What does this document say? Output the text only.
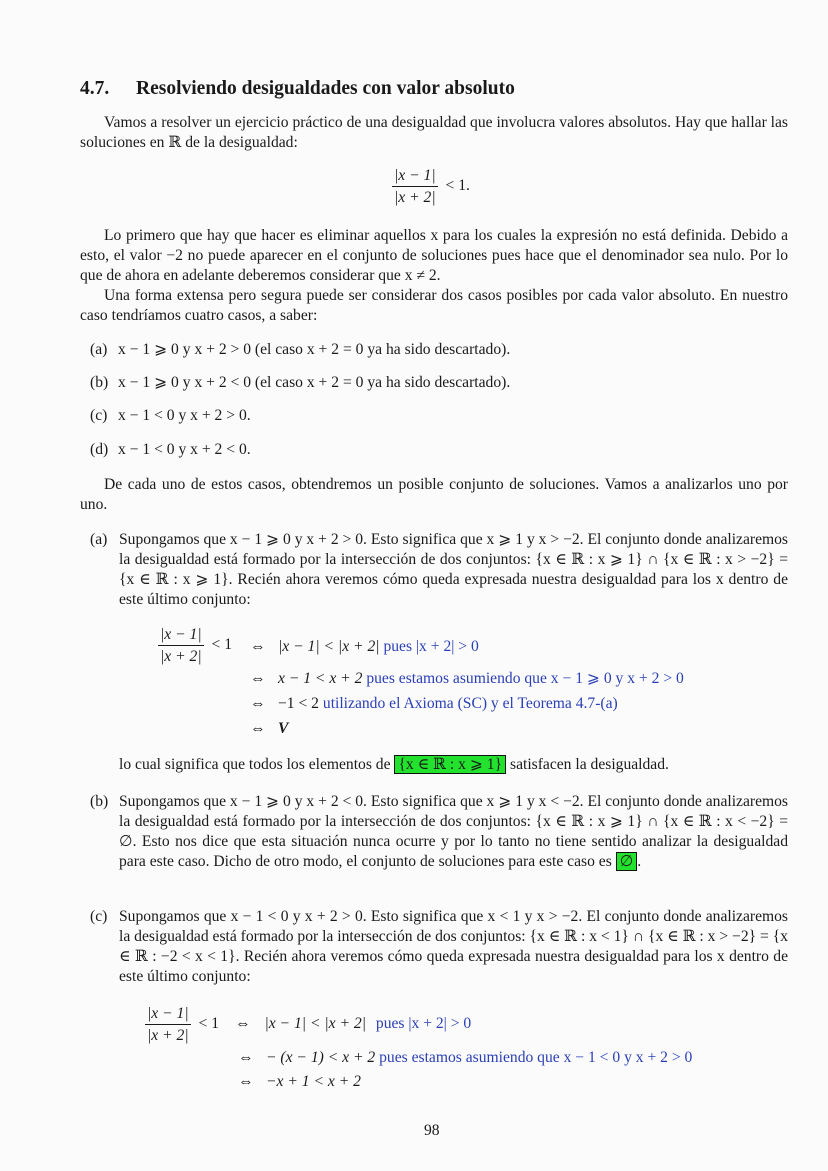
4.7. Resolviendo desigualdades con valor absoluto
Vamos a resolver un ejercicio práctico de una desigualdad que involucra valores absolutos. Hay que hallar las soluciones en ℝ de la desigualdad:
$\frac{|x - 1|}{|x + 2|} < 1$.
Lo primero que hay que hacer es eliminar aquellos x para los cuales la expresión no está definida. Debido a esto, el valor −2 no puede aparecer en el conjunto de soluciones pues hace que el denominador sea nulo. Por lo que de ahora en adelante deberemos considerar que x ≠ 2.
Una forma extensa pero segura puede ser considerar dos casos posibles por cada valor absoluto. En nuestro caso tendríamos cuatro casos, a saber:
(a) x − 1 ⩾ 0 y x + 2 > 0 (el caso x + 2 = 0 ya ha sido descartado).
(b) x − 1 ⩾ 0 y x + 2 < 0 (el caso x + 2 = 0 ya ha sido descartado).
(c) x − 1 < 0 y x + 2 > 0.
(d) x − 1 < 0 y x + 2 < 0.
De cada uno de estos casos, obtendremos un posible conjunto de soluciones. Vamos a analizarlos uno por uno.
(a) Supongamos que x − 1 ⩾ 0 y x + 2 > 0. Esto significa que x ⩾ 1 y x > −2. El conjunto donde analizaremos la desigualdad está formado por la intersección de dos conjuntos: {x ∈ ℝ : x ⩾ 1} ∩ {x ∈ ℝ : x > −2} = {x ∈ ℝ : x ⩾ 1}. Recién ahora veremos cómo queda expresada nuestra desigualdad para los x dentro de este último conjunto:
$\frac{|x - 1|}{|x + 2|} < 1$ ⇔ |x − 1| < |x + 2| pues |x + 2| > 0
⇔ x − 1 < x + 2 pues estamos asumiendo que x − 1 ⩾ 0 y x + 2 > 0
⇔ −1 < 2 utilizando el Axioma (SC) y el Teorema 4.7-(a)
⇔ V
lo cual significa que todos los elementos de {x ∈ ℝ : x ⩾ 1} satisfacen la desigualdad.
(b) Supongamos que x − 1 ⩾ 0 y x + 2 < 0. Esto significa que x ⩾ 1 y x < −2. El conjunto donde analizaremos la desigualdad está formado por la intersección de dos conjuntos: {x ∈ ℝ : x ⩾ 1} ∩ {x ∈ ℝ : x < −2} = ∅. Esto nos dice que esta situación nunca ocurre y por lo tanto no tiene sentido analizar la desigualdad para este caso. Dicho de otro modo, el conjunto de soluciones para este caso es ∅ .
(c) Supongamos que x − 1 < 0 y x + 2 > 0. Esto significa que x < 1 y x > −2. El conjunto donde analizaremos la desigualdad está formado por la intersección de dos conjuntos: {x ∈ ℝ : x < 1} ∩ {x ∈ ℝ : x > −2} = {x ∈ ℝ : −2 < x < 1}. Recién ahora veremos cómo queda expresada nuestra desigualdad para los x dentro de este último conjunto:
$\frac{|x - 1|}{|x + 2|} < 1$ ⇔ |x − 1| < |x + 2| pues |x + 2| > 0
⇔ − (x − 1) < x + 2 pues estamos asumiendo que x − 1 < 0 y x + 2 > 0
⇔ −x + 1 < x + 2
98
